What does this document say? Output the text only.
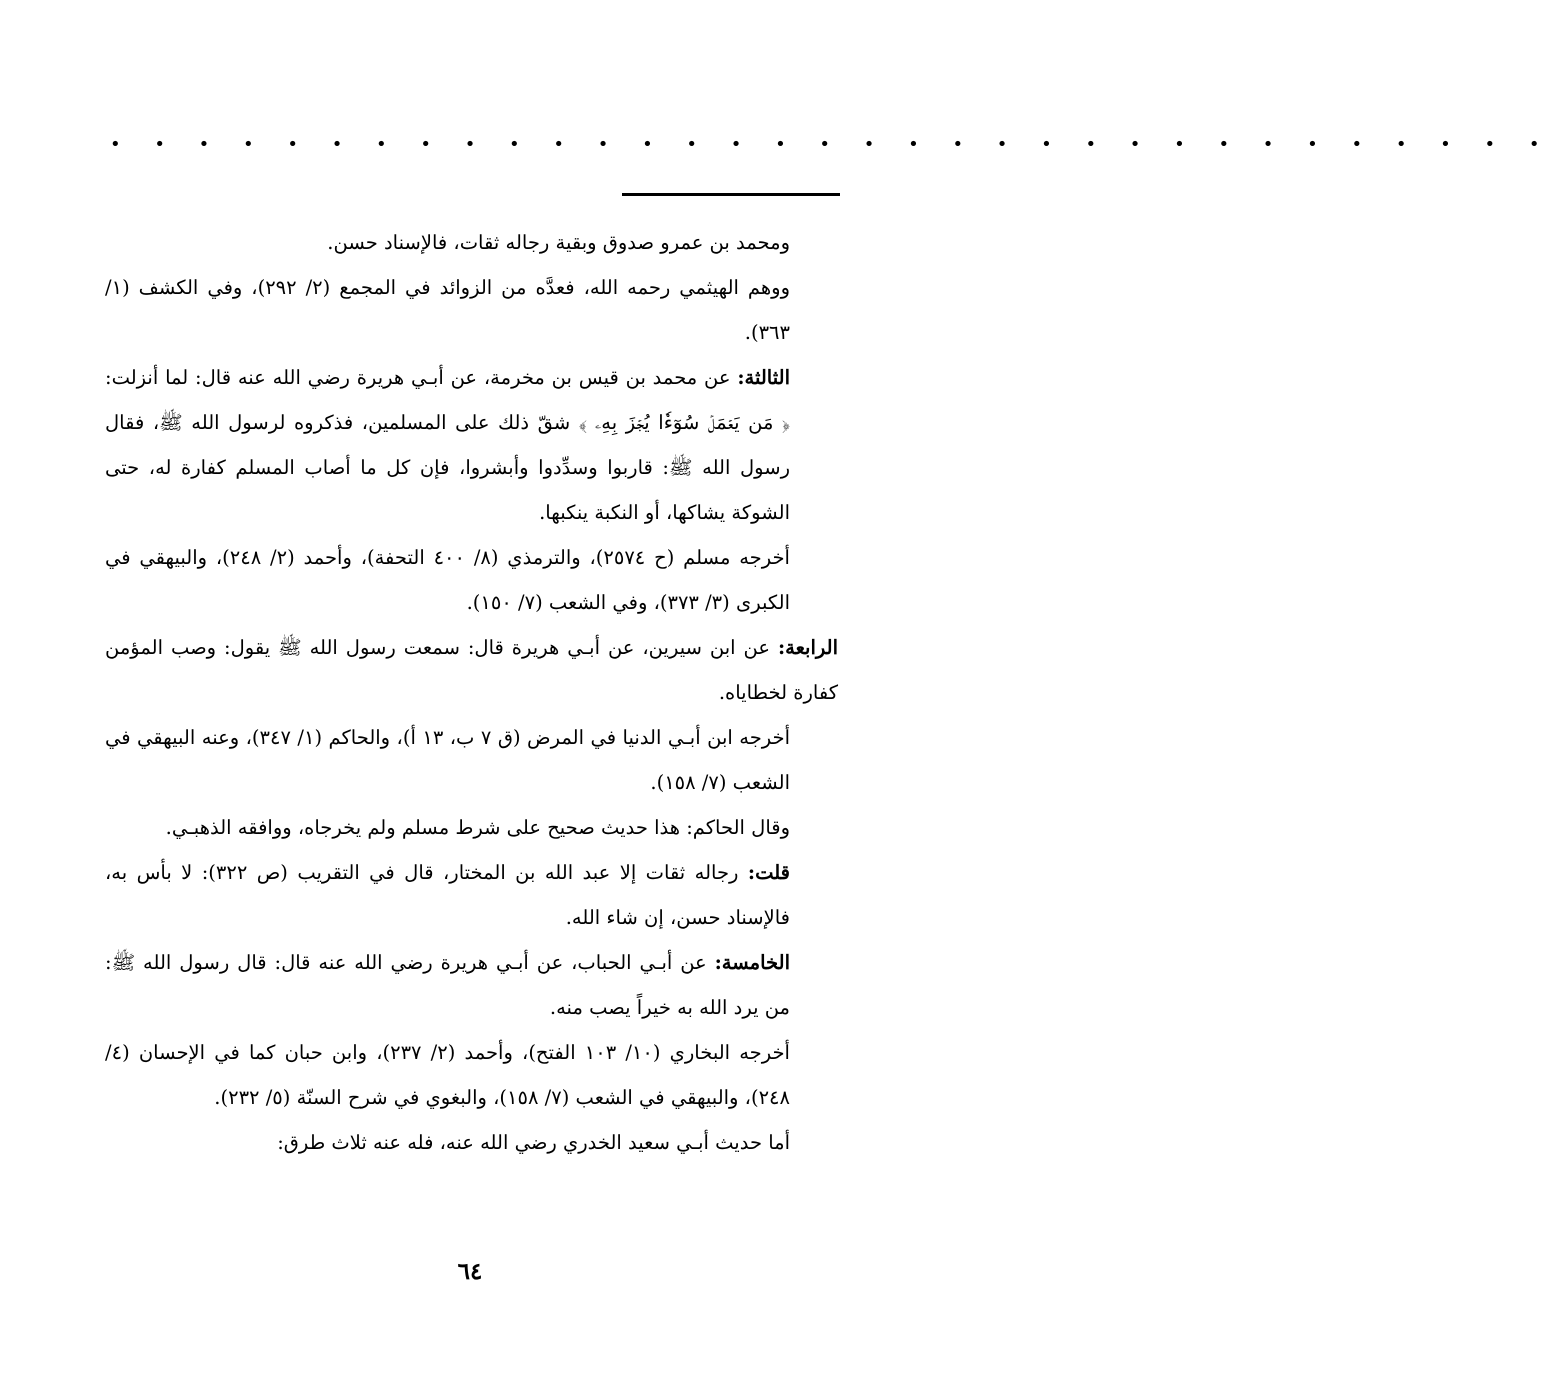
• • • • • • • • • • • • • • • • • • • • • • • • • • • • • • • • •

ومحمد بن عمرو صدوق وبقية رجاله ثقات، فالإسناد حسن.

ووهم الهيثمي رحمه الله، فعدَّه من الزوائد في المجمع (٢/ ٢٩٢)، وفي الكشف (١/ ٣٦٣).

الثالثة: عن محمد بن قيس بن مخرمة، عن أبـي هريرة رضي الله عنه قال: لما أنزلت: ﴿ مَن يَعۡمَلۡ سُوٓءٗا يُجۡزَ بِهِۦ ﴾ شقّ ذلك على المسلمين، فذكروه لرسول الله ﷺ، فقال رسول الله ﷺ: قاربوا وسدِّدوا وأبشروا، فإن كل ما أصاب المسلم كفارة له، حتى الشوكة يشاكها، أو النكبة ينكبها.

أخرجه مسلم (ح ٢٥٧٤)، والترمذي (٨/ ٤٠٠ التحفة)، وأحمد (٢/ ٢٤٨)، والبيهقي في الكبرى (٣/ ٣٧٣)، وفي الشعب (٧/ ١٥٠).

الرابعة: عن ابن سيرين، عن أبـي هريرة قال: سمعت رسول الله ﷺ يقول: وصب المؤمن كفارة لخطاياه.

أخرجه ابن أبـي الدنيا في المرض (ق ٧ ب، ١٣ أ)، والحاكم (١/ ٣٤٧)، وعنه البيهقي في الشعب (٧/ ١٥٨).

وقال الحاكم: هذا حديث صحيح على شرط مسلم ولم يخرجاه، ووافقه الذهبـي.

قلت: رجاله ثقات إلا عبد الله بن المختار، قال في التقريب (ص ٣٢٢): لا بأس به، فالإسناد حسن، إن شاء الله.

الخامسة: عن أبـي الحباب، عن أبـي هريرة رضي الله عنه قال: قال رسول الله ﷺ: من يرد الله به خيراً يصب منه.

أخرجه البخاري (١٠/ ١٠٣ الفتح)، وأحمد (٢/ ٢٣٧)، وابن حبان كما في الإحسان (٤/ ٢٤٨)، والبيهقي في الشعب (٧/ ١٥٨)، والبغوي في شرح السنّة (٥/ ٢٣٢).

أما حديث أبـي سعيد الخدري رضي الله عنه، فله عنه ثلاث طرق:

٦٤
